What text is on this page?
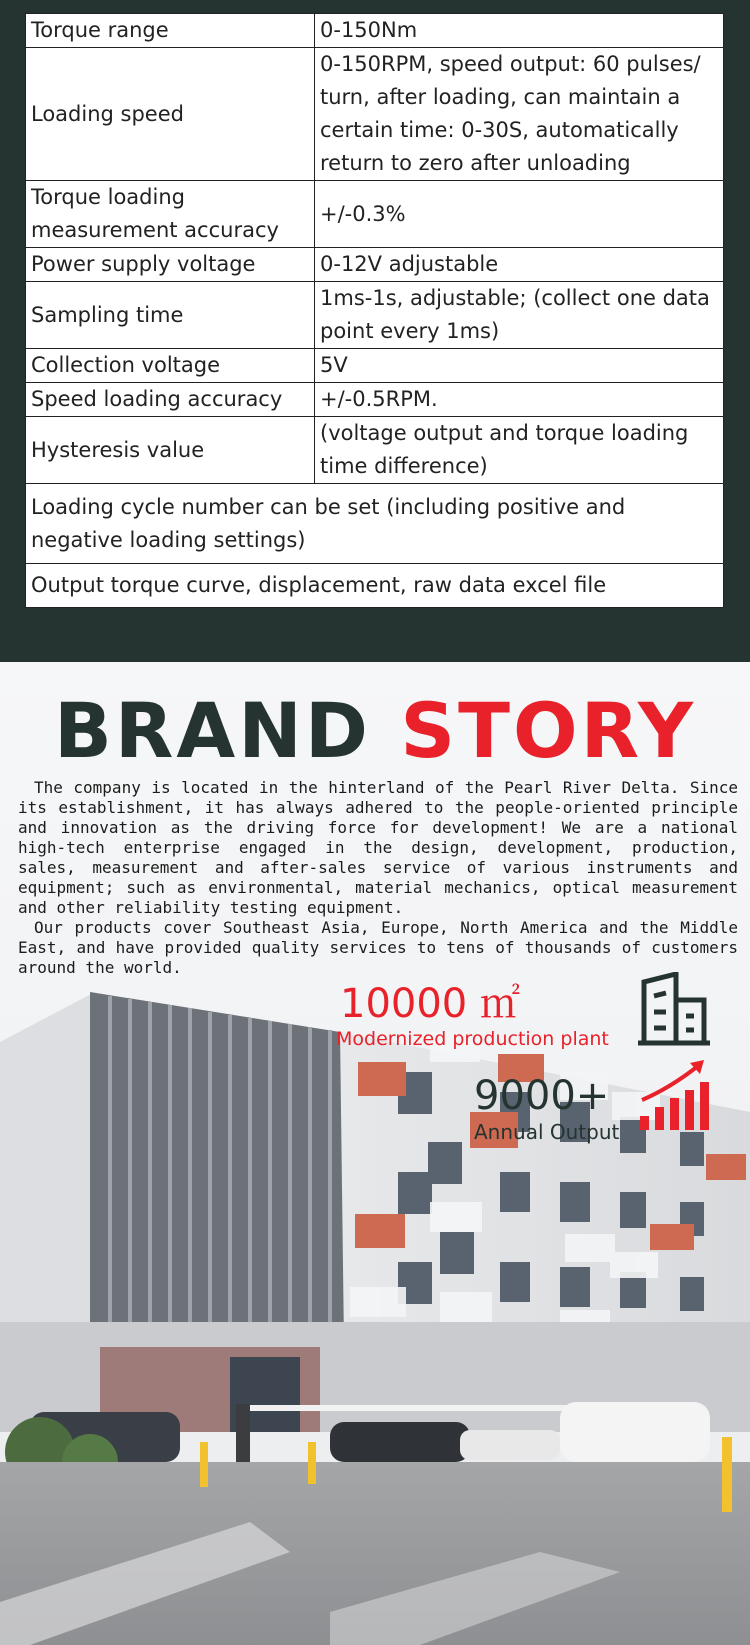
Torque range	0-150Nm
Loading speed	0-150RPM, speed output: 60 pulses/ turn, after loading, can maintain a certain time: 0-30S, automatically return to zero after unloading
Torque loading measurement accuracy	+/-0.3%
Power supply voltage	0-12V adjustable
Sampling time	1ms-1s, adjustable; (collect one data point every 1ms)
Collection voltage	5V
Speed loading accuracy	+/-0.5RPM.
Hysteresis value	(voltage output and torque loading time difference)
Loading cycle number can be set (including positive and negative loading settings)	
Output torque curve, displacement, raw data excel file	
BRAND STORY

The company is located in the hinterland of the Pearl River Delta. Since its establishment, it has always adhered to the people-oriented principle and innovation as the driving force for development! We are a national high-tech enterprise engaged in the design, development, production, sales, measurement and after-sales service of various instruments and equipment; such as environmental, material mechanics, optical measurement and other reliability testing equipment.

Our products cover Southeast Asia, Europe, North America and the Middle East, and have provided quality services to tens of thousands of customers around the world.

10000 ㎡
Modernized production plant
9000+
Annual Output
